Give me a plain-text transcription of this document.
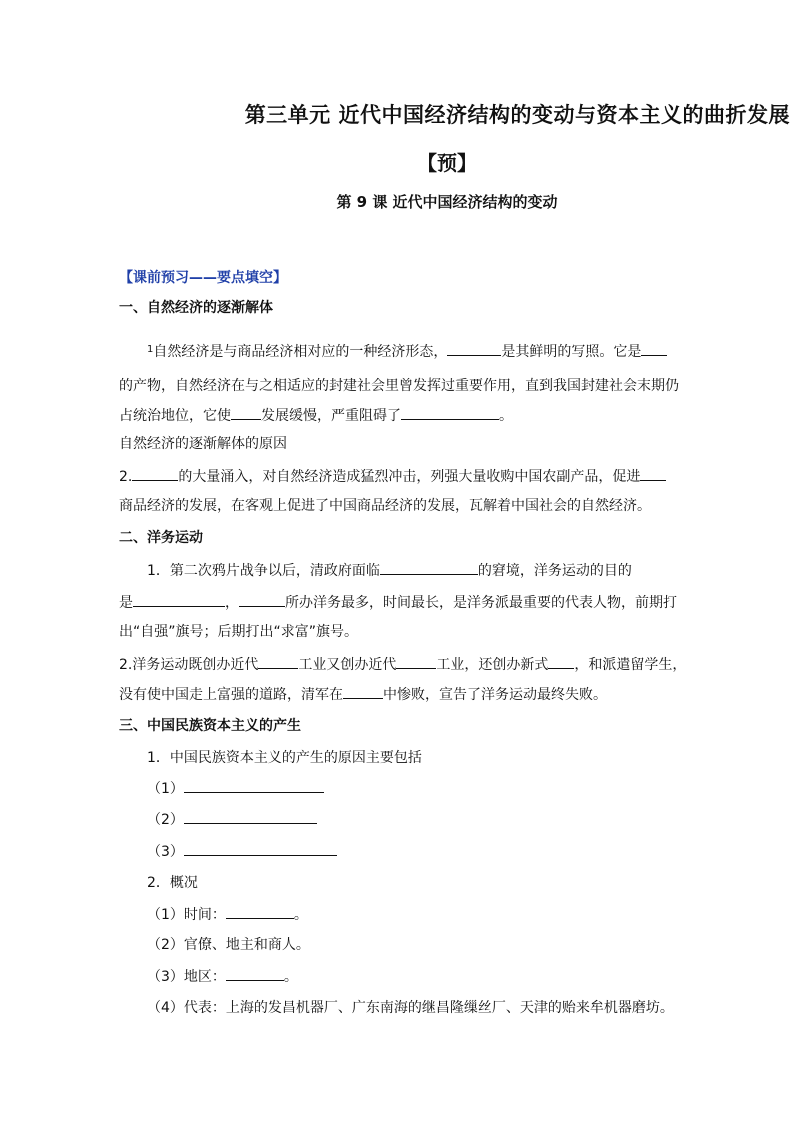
第三单元 近代中国经济结构的变动与资本主义的曲折发展
【预】
第 9 课 近代中国经济结构的变动
【课前预习——要点填空】
一、自然经济的逐渐解体
$^1$自然经济是与商品经济相对应的一种经济形态，	是其鲜明的写照。它是
的产物，自然经济在与之相适应的封建社会里曾发挥过重要作用，直到我国封建社会末期仍
占统治地位，它使 发展缓慢，严重阻碍了	。
自然经济的逐渐解体的原因
2.	的大量涌入，对自然经济造成猛烈冲击，列强大量收购中国农副产品，促进
商品经济的发展，在客观上促进了中国商品经济的发展，瓦解着中国社会的自然经济。
二、洋务运动
1．第二次鸦片战争以后，清政府面临	的窘境，洋务运动的目的
是	，	所办洋务最多，时间最长，是洋务派最重要的代表人物，前期打
出“自强”旗号；后期打出“求富”旗号。
2.洋务运动既创办近代	工业又创办近代	工业，还创办新式 ，和派遣留学生，
没有使中国走上富强的道路，清军在	中惨败，宣告了洋务运动最终失败。
三、中国民族资本主义的产生
1．中国民族资本主义的产生的原因主要包括
（1）
（2）
（3）
2．概况
（1）时间：	。
（2）官僚、地主和商人。
（3）地区：	。
（4）代表：上海的发昌机器厂、广东南海的继昌隆缫丝厂、天津的贻来牟机器磨坊。
